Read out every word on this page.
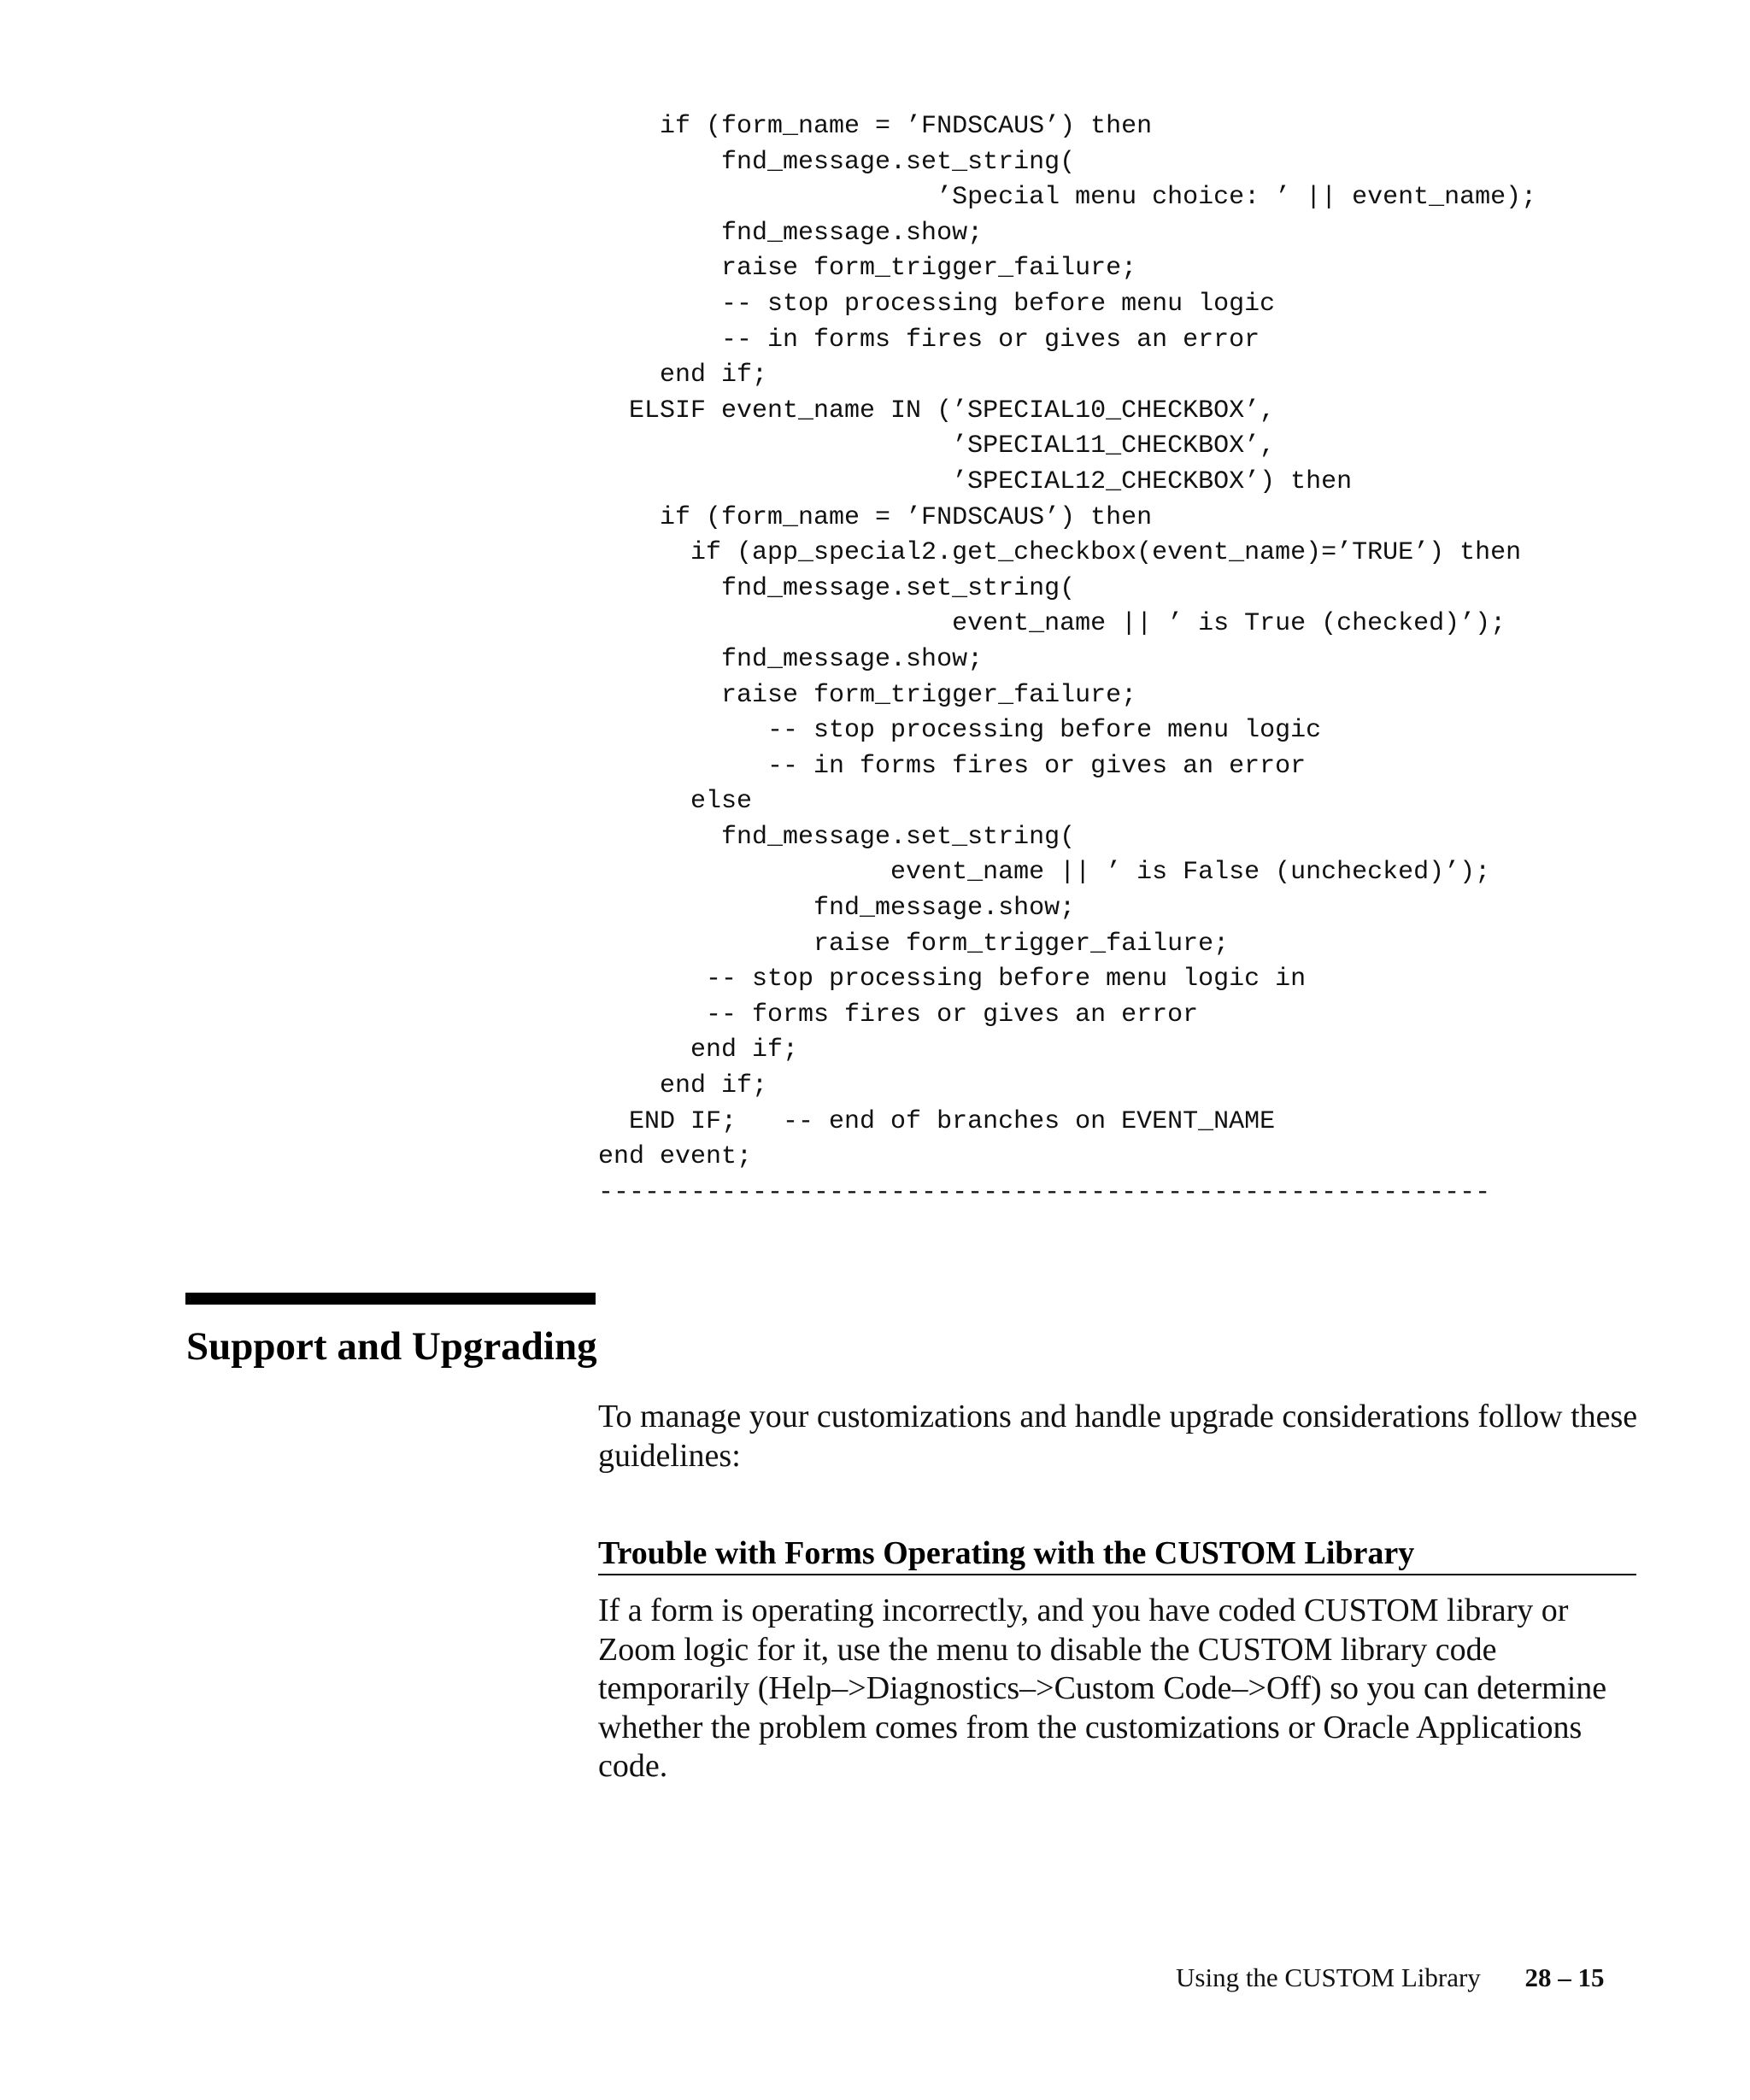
if (form_name = ’FNDSCAUS’) then
fnd_message.set_string(
’Special menu choice: ’ || event_name);
fnd_message.show;
raise form_trigger_failure;
-- stop processing before menu logic
-- in forms fires or gives an error
end if;
ELSIF event_name IN (’SPECIAL10_CHECKBOX’,
’SPECIAL11_CHECKBOX’,
’SPECIAL12_CHECKBOX’) then
if (form_name = ’FNDSCAUS’) then
if (app_special2.get_checkbox(event_name)=’TRUE’) then
fnd_message.set_string(
event_name || ’ is True (checked)’);
fnd_message.show;
raise form_trigger_failure;
-- stop processing before menu logic
-- in forms fires or gives an error
else
fnd_message.set_string(
event_name || ’ is False (unchecked)’);
fnd_message.show;
raise form_trigger_failure;
-- stop processing before menu logic in
-- forms fires or gives an error
end if;
end if;
END IF;   -- end of branches on EVENT_NAME
end event;
----------------------------------------------------------
Support and Upgrading

To manage your customizations and handle upgrade considerations follow these guidelines:

Trouble with Forms Operating with the CUSTOM Library

If a form is operating incorrectly, and you have coded CUSTOM library or Zoom logic for it, use the menu to disable the CUSTOM library code temporarily (Help–>Diagnostics–>Custom Code–>Off) so you can determine whether the problem comes from the customizations or Oracle Applications code.

Using the CUSTOM Library 28 – 15
